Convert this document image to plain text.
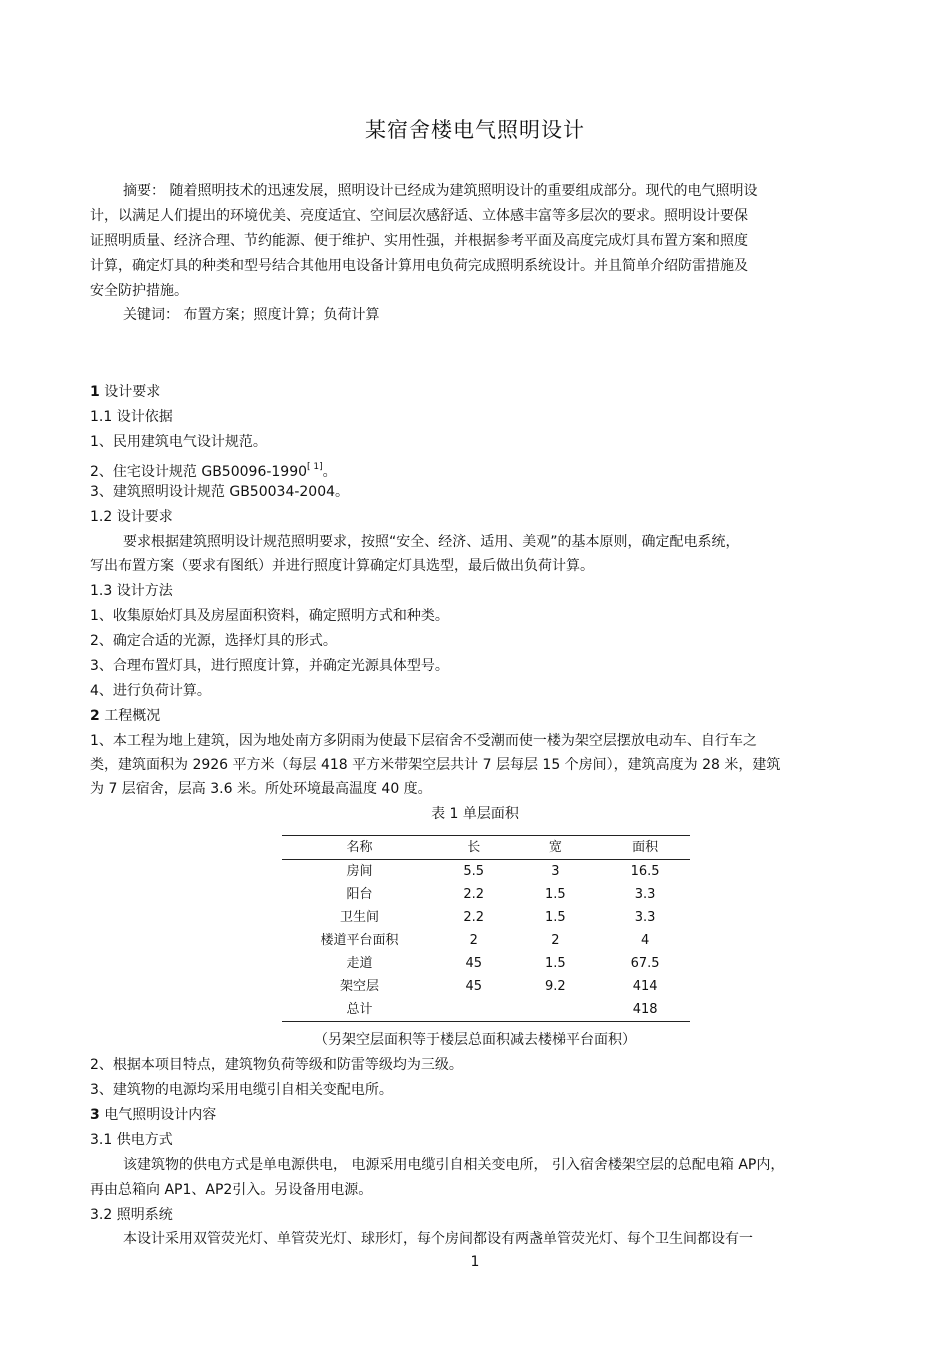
某宿舍楼电气照明设计
摘要： 随着照明技术的迅速发展，照明设计已经成为建筑照明设计的重要组成部分。现代的电气照明设
计，以满足人们提出的环境优美、亮度适宜、空间层次感舒适、立体感丰富等多层次的要求。照明设计要保
证照明质量、经济合理、节约能源、便于维护、实用性强，并根据参考平面及高度完成灯具布置方案和照度
计算，确定灯具的种类和型号结合其他用电设备计算用电负荷完成照明系统设计。并且简单介绍防雷措施及
安全防护措施。
关键词： 布置方案；照度计算；负荷计算
1 设计要求
1.1 设计依据
1、民用建筑电气设计规范。
2、住宅设计规范 GB50096-1990[ 1]。
3、建筑照明设计规范 GB50034-2004。
1.2 设计要求
要求根据建筑照明设计规范照明要求，按照“安全、经济、适用、美观”的基本原则，确定配电系统，
写出布置方案（要求有图纸）并进行照度计算确定灯具选型，最后做出负荷计算。
1.3 设计方法
1、收集原始灯具及房屋面积资料，确定照明方式和种类。
2、确定合适的光源，选择灯具的形式。
3、合理布置灯具，进行照度计算，并确定光源具体型号。
4、进行负荷计算。
2 工程概况
1、本工程为地上建筑，因为地处南方多阴雨为使最下层宿舍不受潮而使一楼为架空层摆放电动车、自行车之
类，建筑面积为 2926 平方米（每层 418 平方米带架空层共计 7 层每层 15 个房间），建筑高度为 28 米，建筑
为 7 层宿舍，层高 3.6 米。所处环境最高温度 40 度。
表 1 单层面积
名称	长	宽	面积
房间	5.5	3	16.5
阳台	2.2	1.5	3.3
卫生间	2.2	1.5	3.3
楼道平台面积	2	2	4
走道	45	1.5	67.5
架空层	45	9.2	414
总计			418
（另架空层面积等于楼层总面积减去楼梯平台面积）
2、根据本项目特点，建筑物负荷等级和防雷等级均为三级。
3、建筑物的电源均采用电缆引自相关变配电所。
3 电气照明设计内容
3.1 供电方式
该建筑物的供电方式是单电源供电， 电源采用电缆引自相关变电所， 引入宿舍楼架空层的总配电箱 AP内，
再由总箱向 AP1、AP2引入。另设备用电源。
3.2 照明系统
本设计采用双管荧光灯、单管荧光灯、球形灯，每个房间都设有两盏单管荧光灯、每个卫生间都设有一
1
